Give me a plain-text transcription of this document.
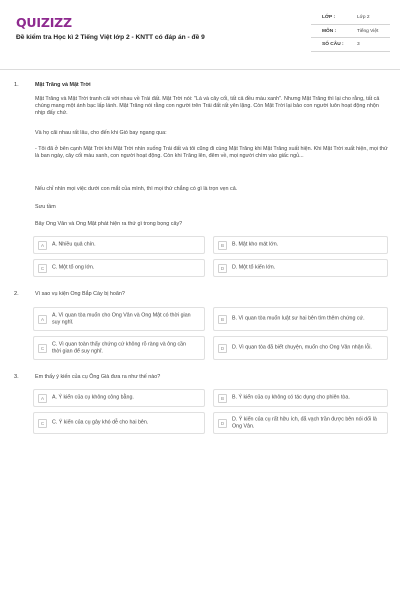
QUIZIZZ
Đề kiểm tra Học kì 2 Tiếng Việt lớp 2 - KNTT có đáp án - đề 9
LỚP :	Lớp 2
MÔN :	Tiếng Việt
SỐ CÂU :	3
1.	Mặt Trăng và Mặt Trời
Mặt Trăng và Mặt Trời tranh cãi với nhau về Trái đất. Mặt Trời nói: "Lá và cây cối, tất cả đều màu xanh". Nhưng Mặt Trăng thì lại cho rằng, tất cả chúng mang một ánh bạc lấp lánh. Mặt Trăng nói rằng con người trên Trái đất rất yên lặng. Còn Mặt Trời lại bảo con người luôn hoạt động nhộn nhịp đấy chứ.
Và họ cãi nhau rất lâu, cho đến khi Gió bay ngang qua:
- Tôi đã ở bên cạnh Mặt Trời khi Mặt Trời nhìn xuống Trái đất và tôi cũng đi cùng Mặt Trăng khi Mặt Trăng xuất hiện. Khi Mặt Trời xuất hiện, mọi thứ là ban ngày, cây cối màu xanh, con người hoạt động. Còn khi Trăng lên, đêm về, mọi người chìm vào giấc ngủ...
Nếu chỉ nhìn mọi việc dưới con mắt của mình, thì mọi thứ chẳng có gì là trọn vẹn cả.
Sưu tầm
Bây Ong Vân và Ong Mật phát hiện ra thứ gì trong bọng cây?
A	A. Nhiều quả chín.	B	B. Mật kho mát lớn.
C	C. Một tổ ong lớn.	D	D. Một tổ kiến lớn.
2.	Vì sao vụ kiện Ong Bắp Cày bị hoãn?
A
A. Vì quan tòa muốn cho Ong Vân và Ong Mật có thời gian suy nghĩ.	B	B. Vì quan tòa muốn luật sư hai bên tìm thêm chứng cứ.
C
C. Vì quan toàn thấy chứng cứ không rõ ràng và ông cần thời gian để suy nghĩ.	D	D. Vì quan tòa đã biết chuyện, muốn cho Ong Vân nhận lỗi.
3.	Em thấy ý kiến của cụ Ông Già đưa ra như thế nào?
A	A. Ý kiến của cụ không công bằng.	B	B. Ý kiến của cụ không có tác dụng cho phiên tòa.
C	C. Ý kiến của cụ gây khó dễ cho hai bên.	D
D. Ý kiến của cụ rất hữu ích, đã vạch trần được bên nói dối là Ong Vân.
